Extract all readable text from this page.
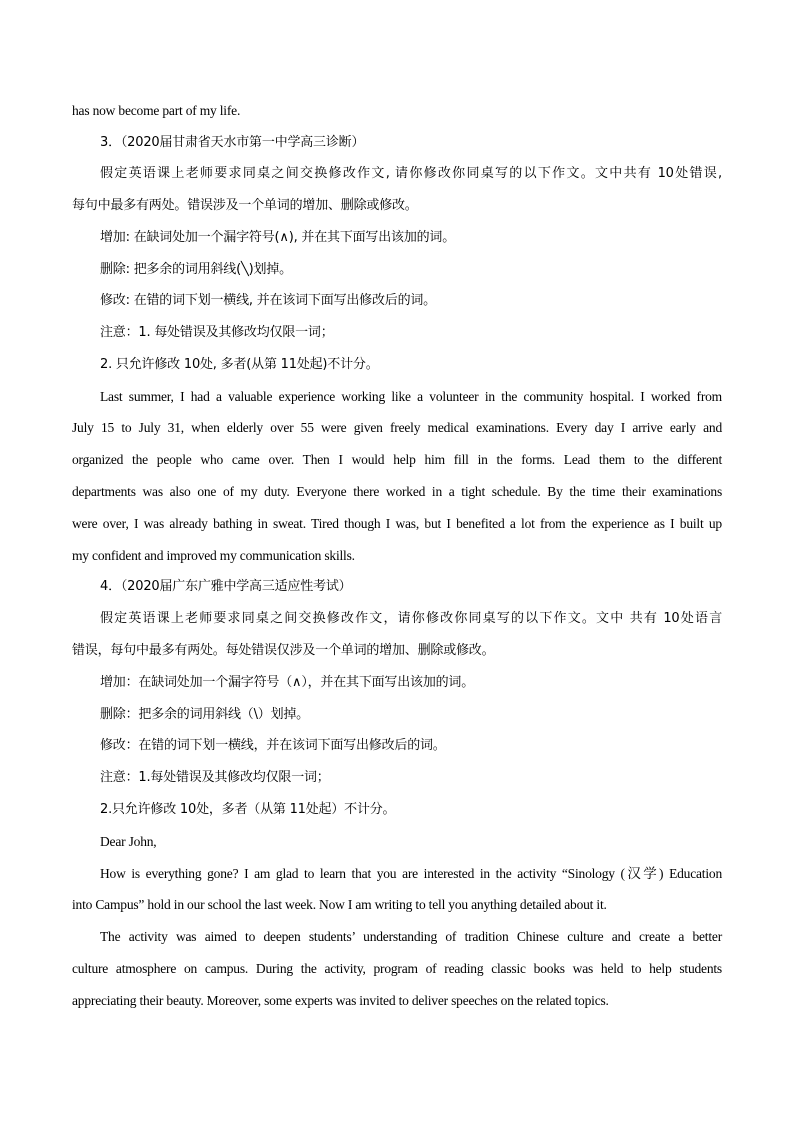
has now become part of my life.
3．（2020届甘肃省天水市第一中学高三诊断）
假定英语课上老师要求同桌之间交换修改作文, 请你修改你同桌写的以下作文。文中共有 10处错误,
每句中最多有两处。错误涉及一个单词的增加、删除或修改。
增加: 在缺词处加一个漏字符号(∧), 并在其下面写出该加的词。
删除: 把多余的词用斜线(╲)划掉。
修改: 在错的词下划一横线, 并在该词下面写出修改后的词。
注意：1. 每处错误及其修改均仅限一词；
2. 只允许修改 10处, 多者(从第 11处起)不计分。
Last summer, I had a valuable experience working like a volunteer in the community hospital. I worked from
July 15 to July 31, when elderly over 55 were given freely medical examinations. Every day I arrive early and
organized the people who came over. Then I would help him fill in the forms. Lead them to the different
departments was also one of my duty. Everyone there worked in a tight schedule. By the time their examinations
were over, I was already bathing in sweat. Tired though I was, but I benefited a lot from the experience as I built up
my confident and improved my communication skills.
4．（2020届广东广雅中学高三适应性考试）
假定英语课上老师要求同桌之间交换修改作文，请你修改你同桌写的以下作文。文中 共有 10处语言
错误，每句中最多有两处。每处错误仅涉及一个单词的增加、删除或修改。
增加：在缺词处加一个漏字符号（∧），并在其下面写出该加的词。
删除：把多余的词用斜线（\）划掉。
修改：在错的词下划一横线，并在该词下面写出修改后的词。
注意：1.每处错误及其修改均仅限一词；
2.只允许修改 10处，多者（从第 11处起）不计分。
Dear John,
How is everything gone? I am glad to learn that you are interested in the activity “Sinology (汉学) Education
into Campus” hold in our school the last week. Now I am writing to tell you anything detailed about it.
The activity was aimed to deepen students’ understanding of tradition Chinese culture and create a better
culture atmosphere on campus. During the activity, program of reading classic books was held to help students
appreciating their beauty. Moreover, some experts was invited to deliver speeches on the related topics.
